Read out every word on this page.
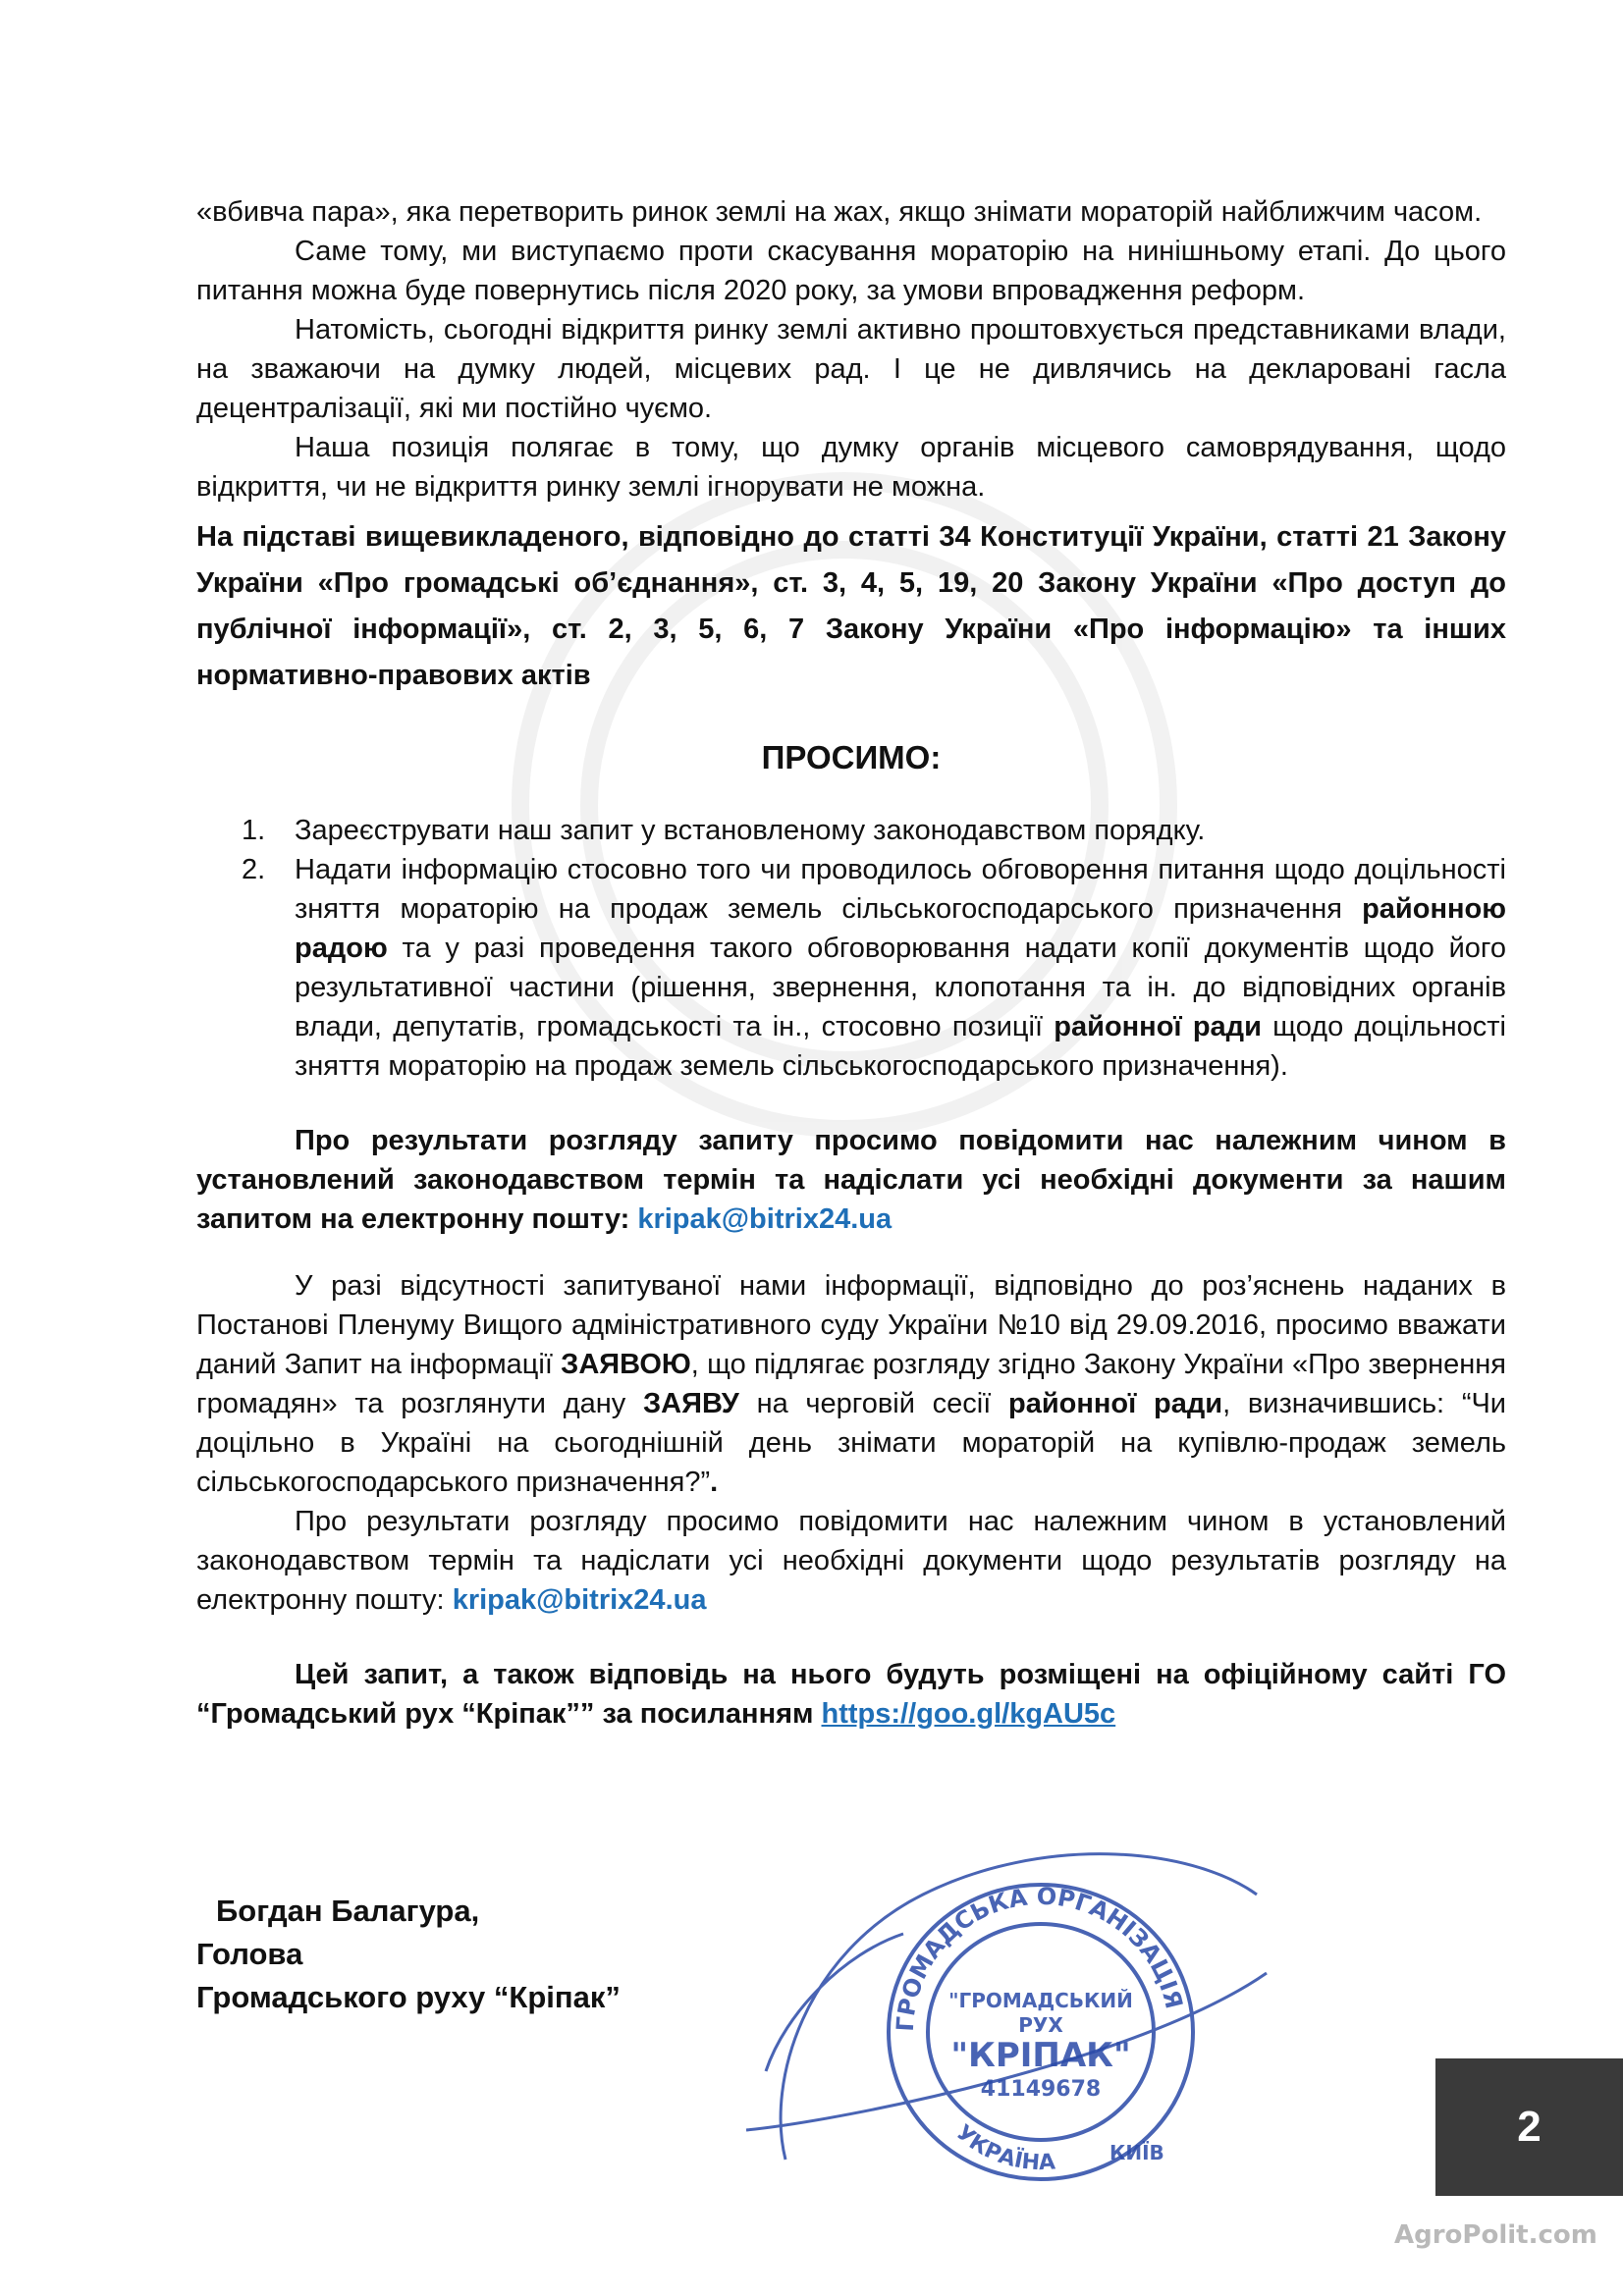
«вбивча пара», яка перетворить ринок землі на жах, якщо знімати мораторій найближчим часом.

Саме тому, ми виступаємо проти скасування мораторію на нинішньому етапі. До цього питання можна буде повернутись після 2020 року, за умови впровадження реформ.

Натомість, сьогодні відкриття ринку землі активно проштовхується представниками влади, на зважаючи на думку людей, місцевих рад. І це не дивлячись на декларовані гасла децентралізації, які ми постійно чуємо.

Наша позиція полягає в тому, що думку органів місцевого самоврядування, щодо відкриття, чи не відкриття ринку землі ігнорувати не можна.

На підставі вищевикладеного, відповідно до статті 34 Конституції України, статті 21 Закону України «Про громадські об’єднання», ст. 3, 4, 5, 19, 20 Закону України «Про доступ до публічної інформації», ст. 2, 3, 5, 6, 7 Закону України «Про інформацію» та інших нормативно-правових актів

ПРОСИМО:
1. Зареєструвати наш запит у встановленому законодавством порядку.
2. Надати інформацію стосовно того чи проводилось обговорення питання щодо доцільності зняття мораторію на продаж земель сільськогосподарського призначення районною радою та у разі проведення такого обговорювання надати копії документів щодо його результативної частини (рішення, звернення, клопотання та ін. до відповідних органів влади, депутатів, громадськості та ін., стосовно позиції районної ради щодо доцільності зняття мораторію на продаж земель сільськогосподарського призначення).

Про результати розгляду запиту просимо повідомити нас належним чином в установлений законодавством термін та надіслати усі необхідні документи за нашим запитом на електронну пошту: kripak@bitrix24.ua

У разі відсутності запитуваної нами інформації, відповідно до роз’яснень наданих в Постанові Пленуму Вищого адміністративного суду України №10 від 29.09.2016, просимо вважати даний Запит на інформації ЗАЯВОЮ, що підлягає розгляду згідно Закону України «Про звернення громадян» та розглянути дану ЗАЯВУ на черговій сесії районної ради, визначившись: “Чи доцільно в Україні на сьогоднішній день знімати мораторій на купівлю-продаж земель сільськогосподарського призначення?”.

Про результати розгляду просимо повідомити нас належним чином в установлений законодавством термін та надіслати усі необхідні документи щодо результатів розгляду на електронну пошту: kripak@bitrix24.ua

Цей запит, а також відповідь на нього будуть розміщені на офіційному сайті ГО “Громадський рух “Кріпак”” за посиланням https://goo.gl/kgAU5c

Богдан Балагура,
Голова
Громадського руху “Кріпак”
ГРОМАДСЬКА ОРГАНІЗАЦІЯ
УКРАЇНА	КИЇВ
"ГРОМАДСЬКИЙ
РУХ
"КРІПАК"
41149678
2
AgroPolit.com
